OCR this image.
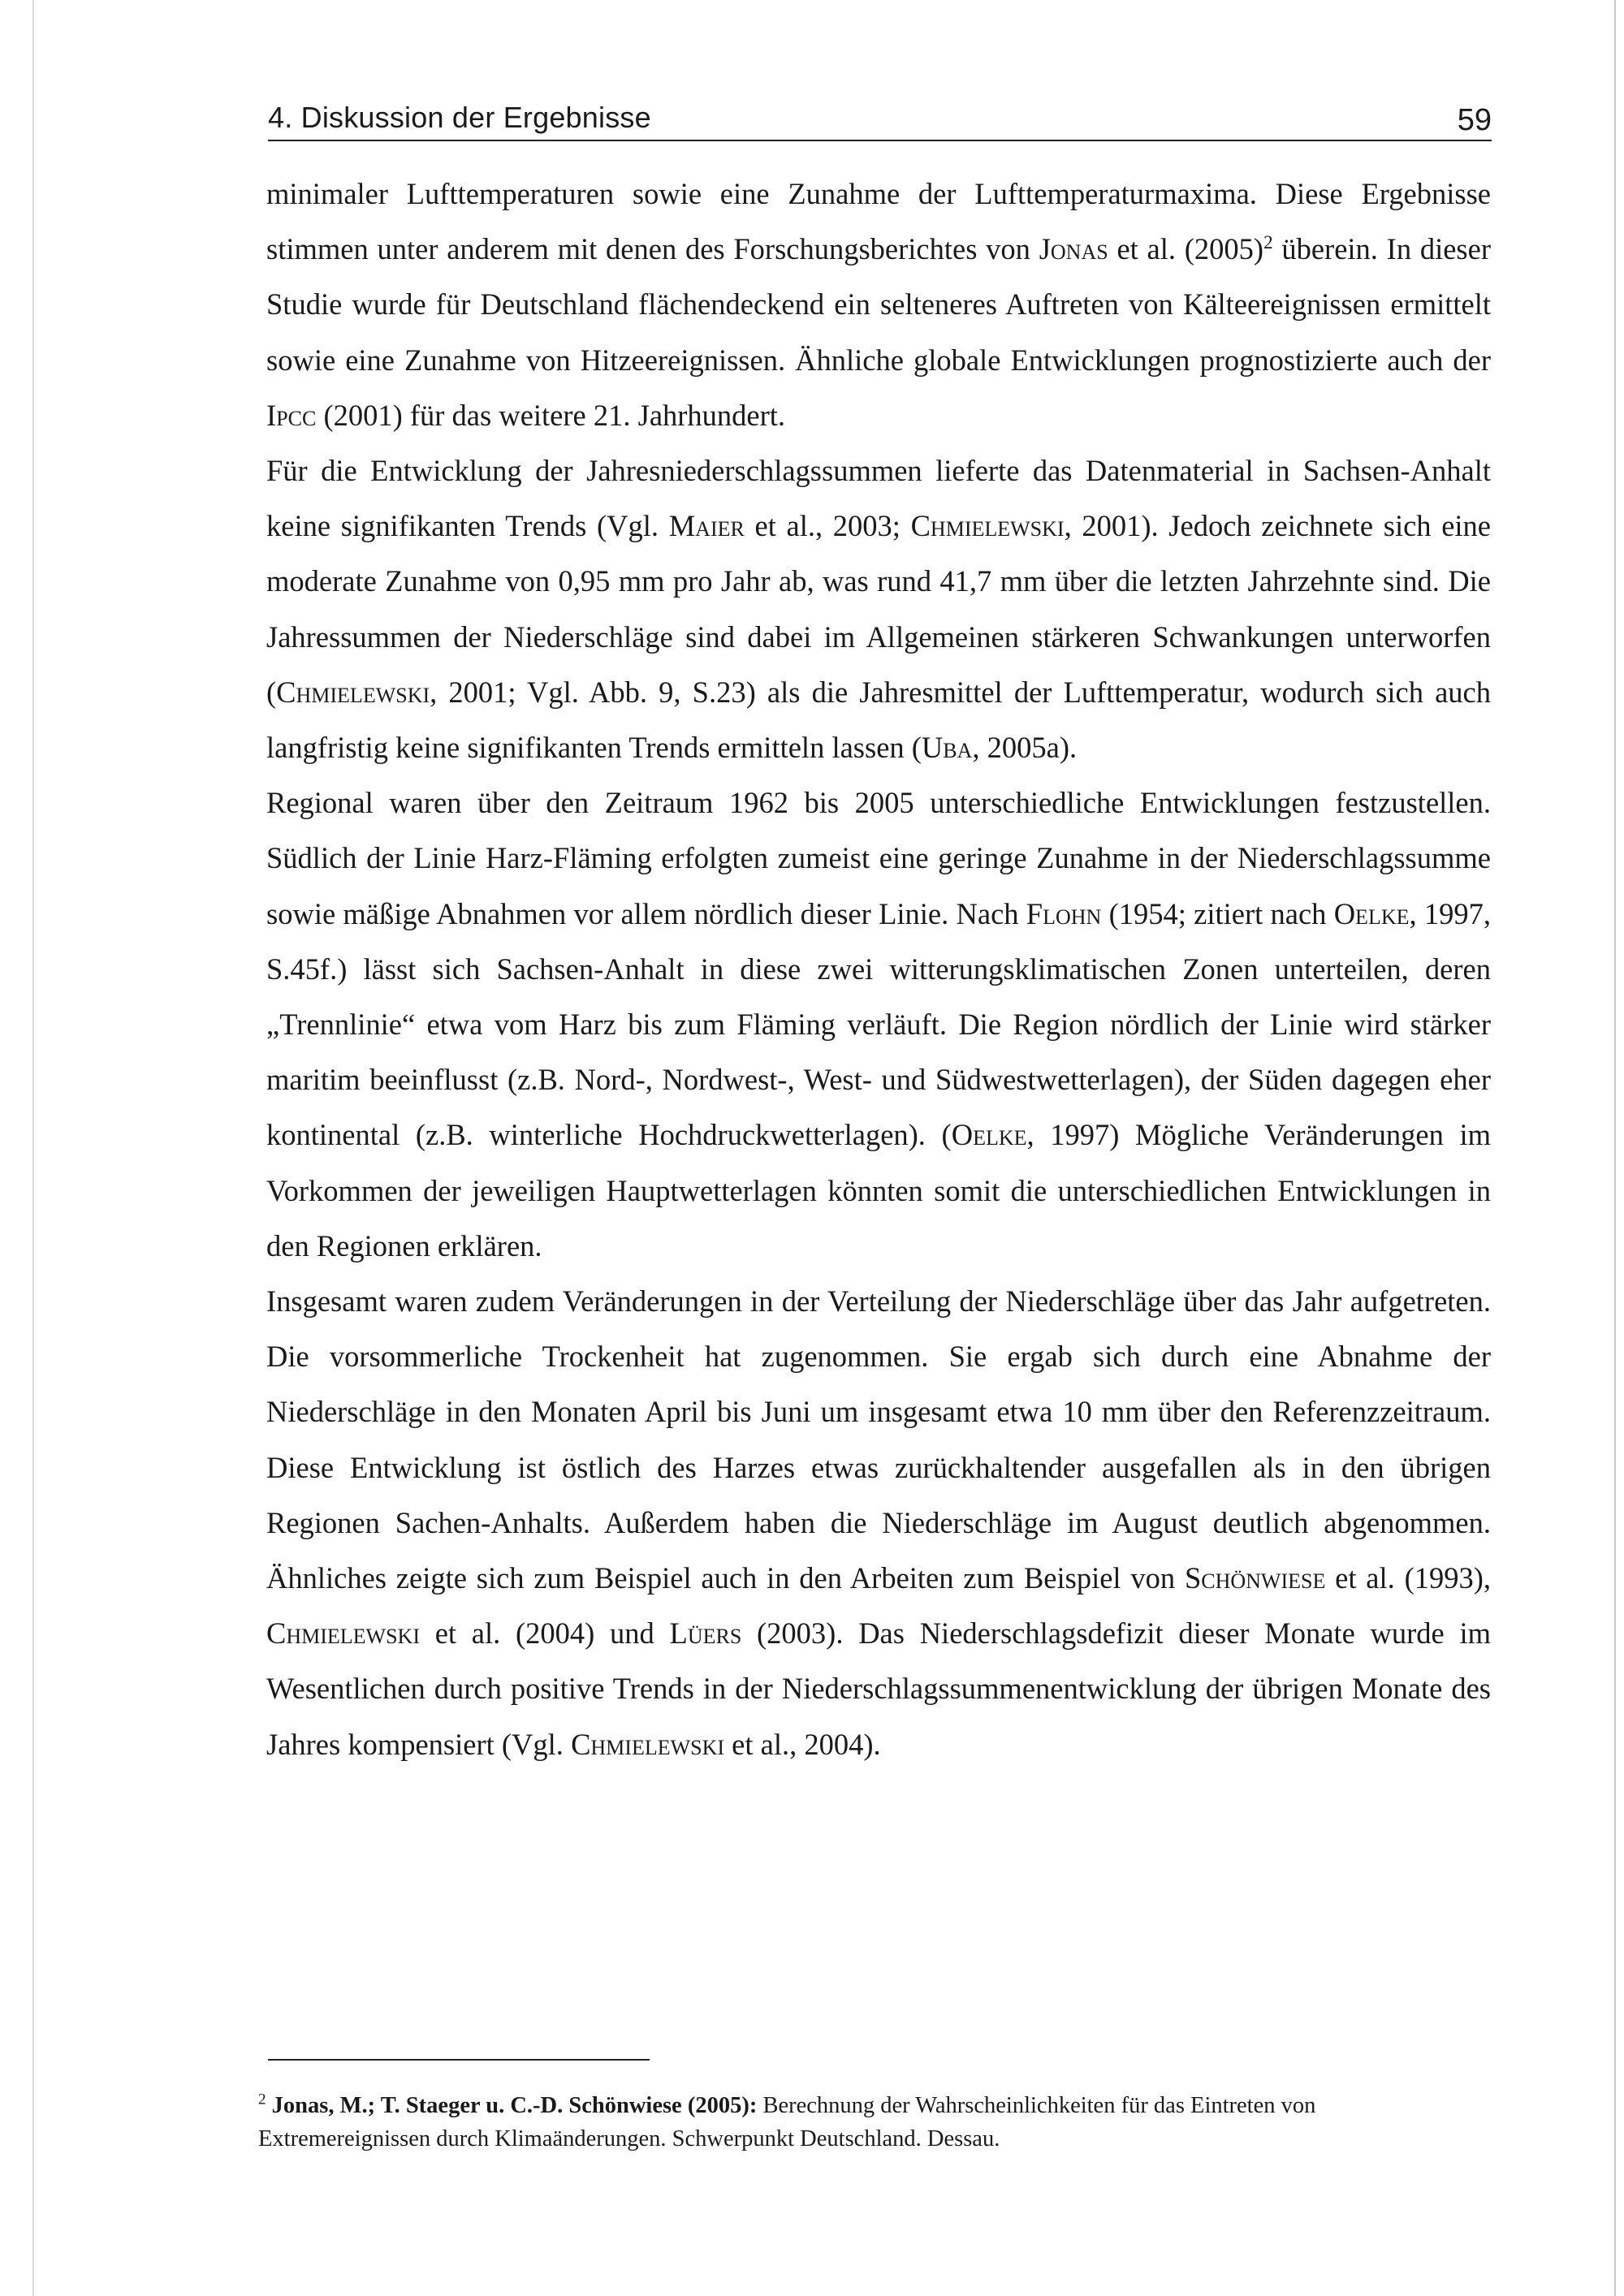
4. Diskussion der Ergebnisse	59

minimaler Lufttemperaturen sowie eine Zunahme der Lufttemperaturmaxima. Diese Ergebnisse stimmen unter anderem mit denen des Forschungsberichtes von Jonas et al. $(2005)^2$ überein. In dieser Studie wurde für Deutschland flächendeckend ein selteneres Auftreten von Kälteereignissen ermittelt sowie eine Zunahme von Hitzeereignissen. Ähnliche globale Entwicklungen prognostizierte auch der Ipcc (2001) für das weitere 21. Jahrhundert.

Für die Entwicklung der Jahresniederschlagssummen lieferte das Datenmaterial in Sachsen-Anhalt keine signifikanten Trends (Vgl. Maier et al., 2003; Chmielewski, 2001). Jedoch zeichnete sich eine moderate Zunahme von 0,95 mm pro Jahr ab, was rund 41,7 mm über die letzten Jahrzehnte sind. Die Jahressummen der Niederschläge sind dabei im Allgemeinen stärkeren Schwankungen unterworfen (Chmielewski, 2001; Vgl. Abb. 9, S.23) als die Jahresmittel der Lufttemperatur, wodurch sich auch langfristig keine signifikanten Trends ermitteln lassen (Uba, 2005a).

Regional waren über den Zeitraum 1962 bis 2005 unterschiedliche Entwicklungen festzustellen. Südlich der Linie Harz-Fläming erfolgten zumeist eine geringe Zunahme in der Niederschlagssumme sowie mäßige Abnahmen vor allem nördlich dieser Linie. Nach Flohn (1954; zitiert nach Oelke, 1997, S.45f.) lässt sich Sachsen-Anhalt in diese zwei witterungsklimatischen Zonen unterteilen, deren „Trennlinie“ etwa vom Harz bis zum Fläming verläuft. Die Region nördlich der Linie wird stärker maritim beeinflusst (z.B. Nord-, Nordwest-, West- und Südwestwetterlagen), der Süden dagegen eher kontinental (z.B. winterliche Hochdruckwetterlagen). (Oelke, 1997) Mögliche Veränderungen im Vorkommen der jeweiligen Hauptwetterlagen könnten somit die unterschiedlichen Entwicklungen in den Regionen erklären.

Insgesamt waren zudem Veränderungen in der Verteilung der Niederschläge über das Jahr aufgetreten. Die vorsommerliche Trockenheit hat zugenommen. Sie ergab sich durch eine Abnahme der Niederschläge in den Monaten April bis Juni um insgesamt etwa 10 mm über den Referenzzeitraum. Diese Entwicklung ist östlich des Harzes etwas zurückhaltender ausgefallen als in den übrigen Regionen Sachen-Anhalts. Außerdem haben die Niederschläge im August deutlich abgenommen. Ähnliches zeigte sich zum Beispiel auch in den Arbeiten zum Beispiel von Schönwiese et al. (1993), Chmielewski et al. (2004) und Lüers (2003). Das Niederschlagsdefizit dieser Monate wurde im Wesentlichen durch positive Trends in der Niederschlagssummenentwicklung der übrigen Monate des Jahres kompensiert (Vgl. Chmielewski et al., 2004).

$^2$ Jonas, M.; T. Staeger u. C.-D. Schönwiese (2005): Berechnung der Wahrscheinlichkeiten für das Eintreten von Extremereignissen durch Klimaänderungen. Schwerpunkt Deutschland. Dessau.
